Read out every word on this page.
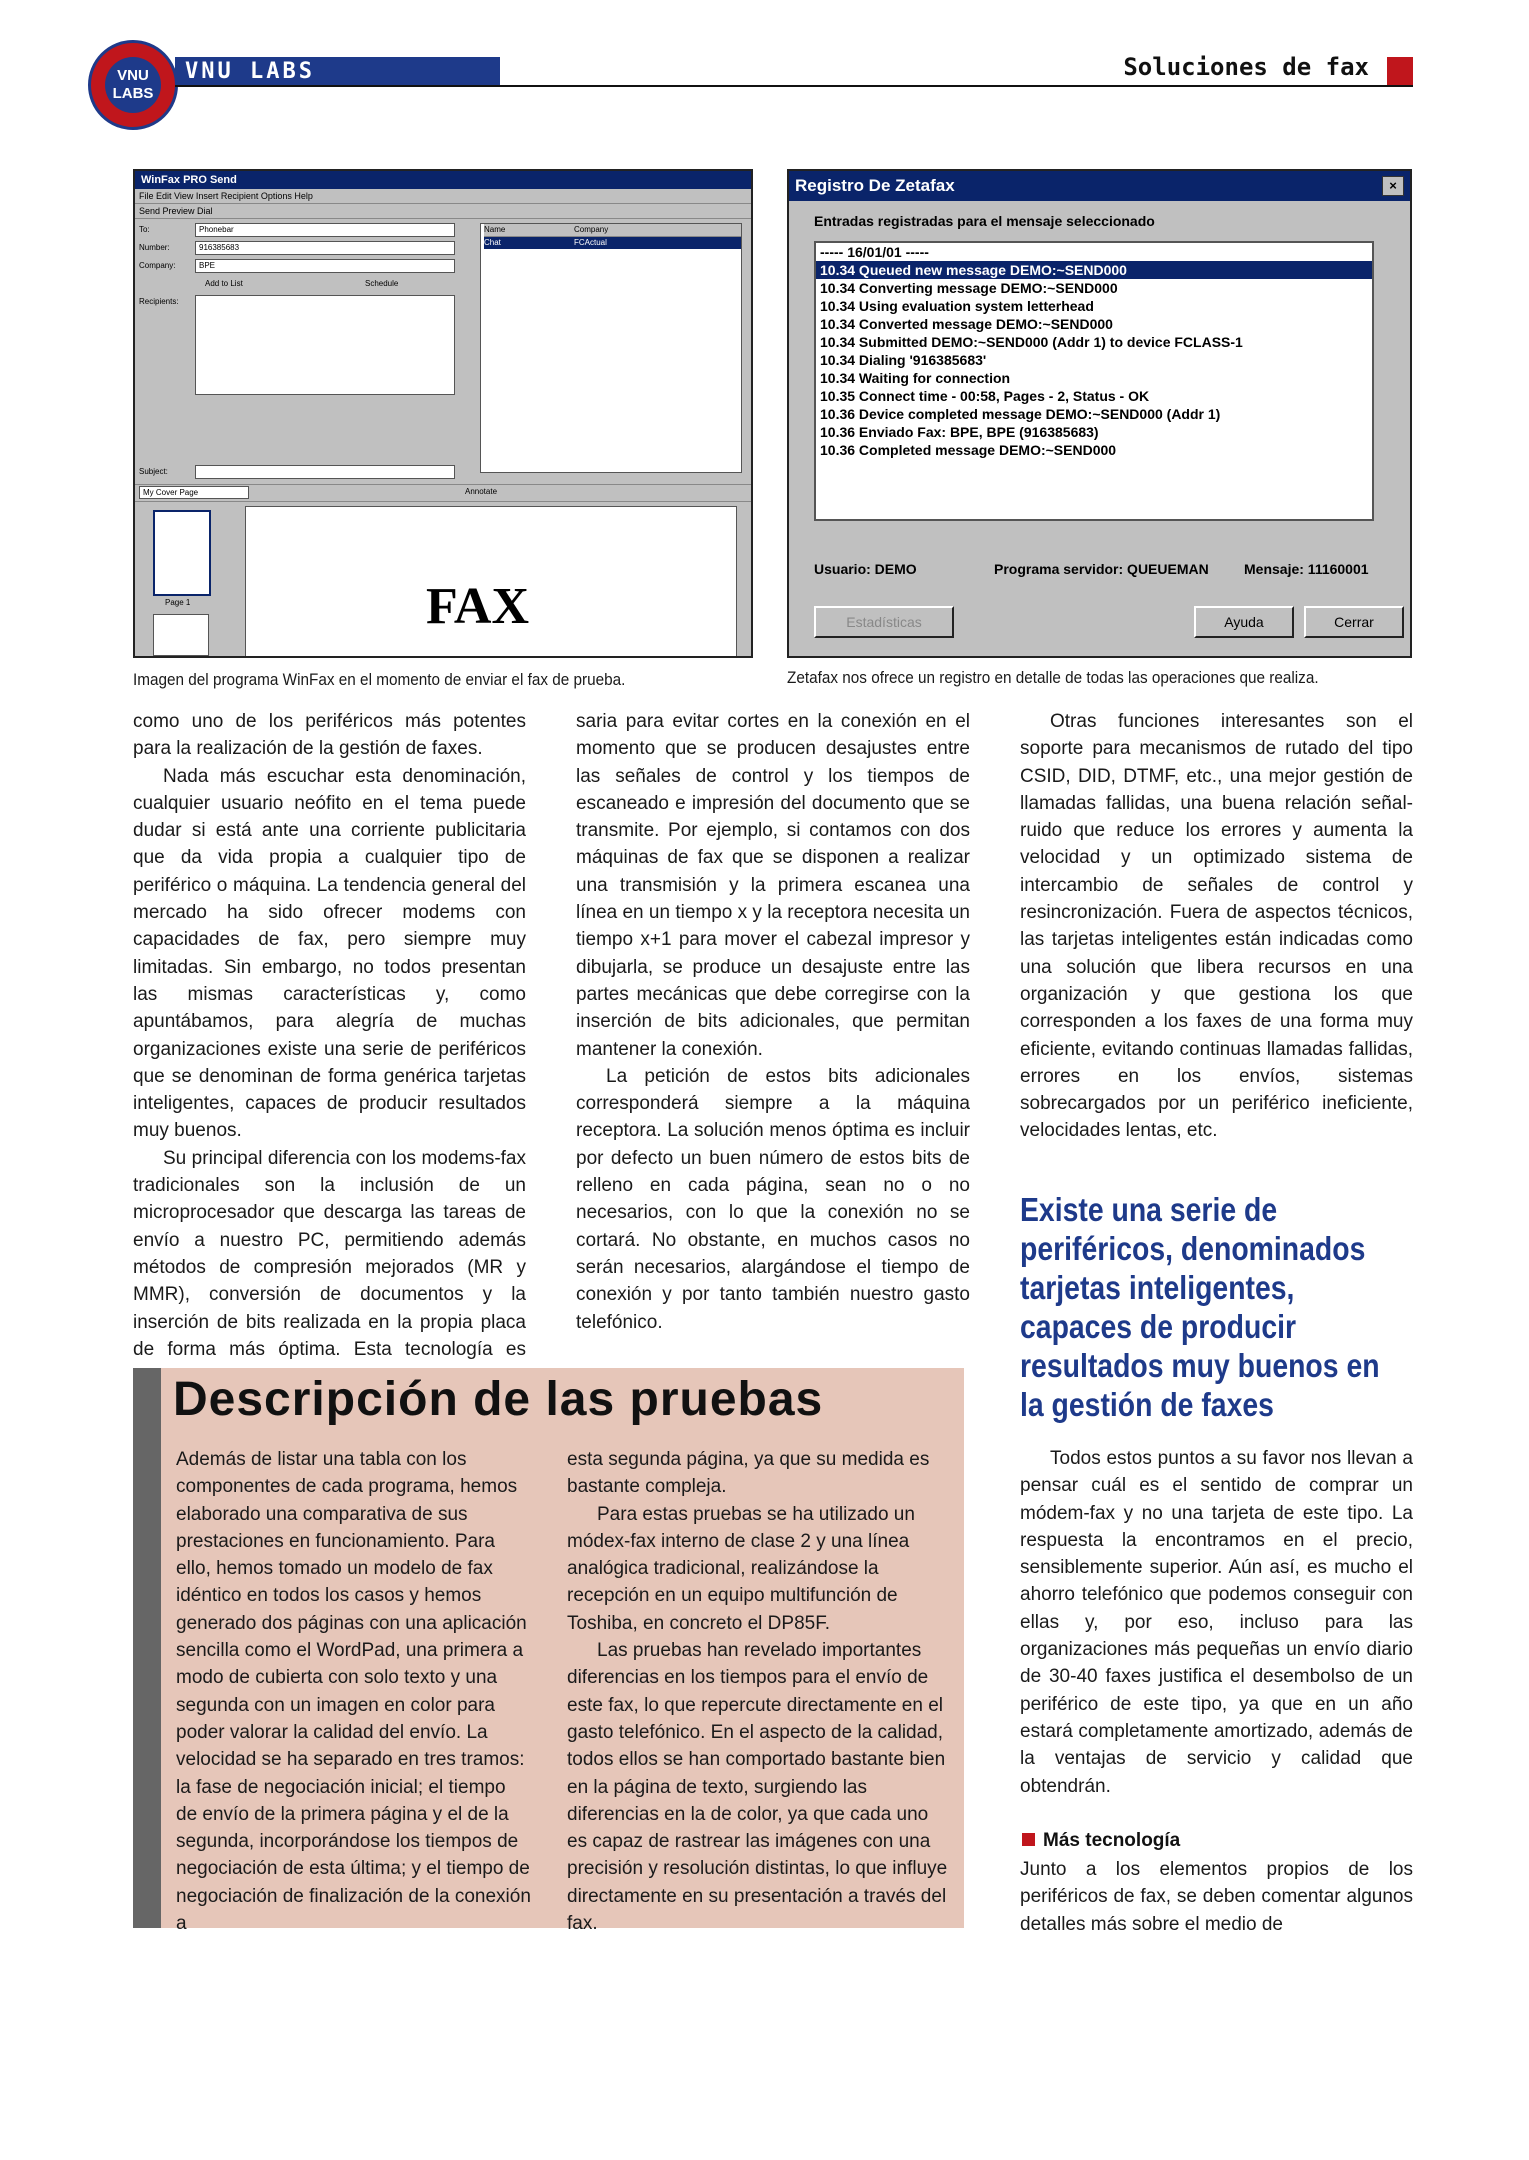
VNU
LABS
VNU LABS	Soluciones de fax
WinFax PRO Send
File Edit View Insert Recipient Options Help
Send Preview Dial
To:	Phonebar
Number:	916385683
Company:	BPE
Add to List	Schedule
Recipients:
Subject:
Name	Company
Chat	FCActual
My Cover Page	Annotate
Page 1	FAX
Registro De Zetafax	×
Entradas registradas para el mensaje seleccionado
----- 16/01/01 -----
10.34 Queued new message DEMO:~SEND000
10.34 Converting message DEMO:~SEND000
10.34 Using evaluation system letterhead
10.34 Converted message DEMO:~SEND000
10.34 Submitted DEMO:~SEND000 (Addr 1) to device FCLASS-1
10.34 Dialing '916385683'
10.34 Waiting for connection
10.35 Connect time - 00:58, Pages - 2, Status - OK
10.36 Device completed message DEMO:~SEND000 (Addr 1)
10.36 Enviado Fax: BPE, BPE (916385683)
10.36 Completed message DEMO:~SEND000
Usuario: DEMO	Programa servidor: QUEUEMAN	Mensaje: 11160001
Estadísticas	Ayuda	Cerrar
Imagen del programa WinFax en el momento de enviar el fax de prueba.	Zetafax nos ofrece un registro en detalle de todas las operaciones que realiza.

como uno de los periféricos más potentes para la realización de la gestión de faxes.

Nada más escuchar esta denominación, cualquier usuario neófito en el tema puede dudar si está ante una corriente publicitaria que da vida propia a cualquier tipo de periférico o máquina. La tendencia general del mercado ha sido ofrecer modems con capacidades de fax, pero siempre muy limitadas. Sin embargo, no todos presentan las mismas características y, como apuntábamos, para alegría de muchas organizaciones existe una serie de periféricos que se denominan de forma genérica tarjetas inteligentes, capaces de producir resultados muy buenos.

Su principal diferencia con los modems-fax tradicionales son la inclusión de un microprocesador que descarga las tareas de envío a nuestro PC, permitiendo además métodos de compresión mejorados (MR y MMR), conversión de documentos y la inserción de bits realizada en la propia placa de forma más óptima. Esta tecnología es

saria para evitar cortes en la conexión en el momento que se producen desajustes entre las señales de control y los tiempos de escaneado e impresión del documento que se transmite. Por ejemplo, si contamos con dos máquinas de fax que se disponen a realizar una transmisión y la primera escanea una línea en un tiempo x y la receptora necesita un tiempo x+1 para mover el cabezal impresor y dibujarla, se produce un desajuste entre las partes mecánicas que debe corregirse con la inserción de bits adicionales, que permitan mantener la conexión.

La petición de estos bits adicionales corresponderá siempre a la máquina receptora. La solución menos óptima es incluir por defecto un buen número de estos bits de relleno en cada página, sean no o no necesarios, con lo que la conexión no se cortará. No obstante, en muchos casos no serán necesarios, alargándose el tiempo de conexión y por tanto también nuestro gasto telefónico.

Otras funciones interesantes son el soporte para mecanismos de rutado del tipo CSID, DID, DTMF, etc., una mejor gestión de llamadas fallidas, una buena relación señal-ruido que reduce los errores y aumenta la velocidad y un optimizado sistema de intercambio de señales de control y resincronización. Fuera de aspectos técnicos, las tarjetas inteligentes están indicadas como una solución que libera recursos en una organización y que gestiona los que corresponden a los faxes de una forma muy eficiente, evitando continuas llamadas fallidas, errores en los envíos, sistemas sobrecargados por un periférico ineficiente, velocidades lentas, etc.

Existe una serie de periféricos, denominados tarjetas inteligentes, capaces de producir resultados muy buenos en la gestión de faxes

Todos estos puntos a su favor nos llevan a pensar cuál es el sentido de comprar un módem-fax y no una tarjeta de este tipo. La respuesta la encontramos en el precio, sensiblemente superior. Aún así, es mucho el ahorro telefónico que podemos conseguir con ellas y, por eso, incluso para las organizaciones más pequeñas un envío diario de 30-40 faxes justifica el desembolso de un periférico de este tipo, ya que en un año estará completamente amortizado, además de la ventajas de servicio y calidad que obtendrán.

Más tecnología
Junto a los elementos propios de los periféricos de fax, se deben comentar algunos detalles más sobre el medio de
Descripción de las pruebas

Además de listar una tabla con los componentes de cada programa, hemos elaborado una comparativa de sus prestaciones en funcionamiento. Para ello, hemos tomado un modelo de fax idéntico en todos los casos y hemos generado dos páginas con una aplicación sencilla como el WordPad, una primera a modo de cubierta con solo texto y una segunda con un imagen en color para poder valorar la calidad del envío. La velocidad se ha separado en tres tramos: la fase de negociación inicial; el tiempo de envío de la primera página y el de la segunda, incorporándose los tiempos de negociación de esta última; y el tiempo de negociación de finalización de la conexión a

esta segunda página, ya que su medida es bastante compleja.

Para estas pruebas se ha utilizado un módex-fax interno de clase 2 y una línea analógica tradicional, realizándose la recepción en un equipo multifunción de Toshiba, en concreto el DP85F.

Las pruebas han revelado importantes diferencias en los tiempos para el envío de este fax, lo que repercute directamente en el gasto telefónico. En el aspecto de la calidad, todos ellos se han comportado bastante bien en la página de texto, surgiendo las diferencias en la de color, ya que cada uno es capaz de rastrear las imágenes con una precisión y resolución distintas, lo que influye directamente en su presentación a través del fax.
